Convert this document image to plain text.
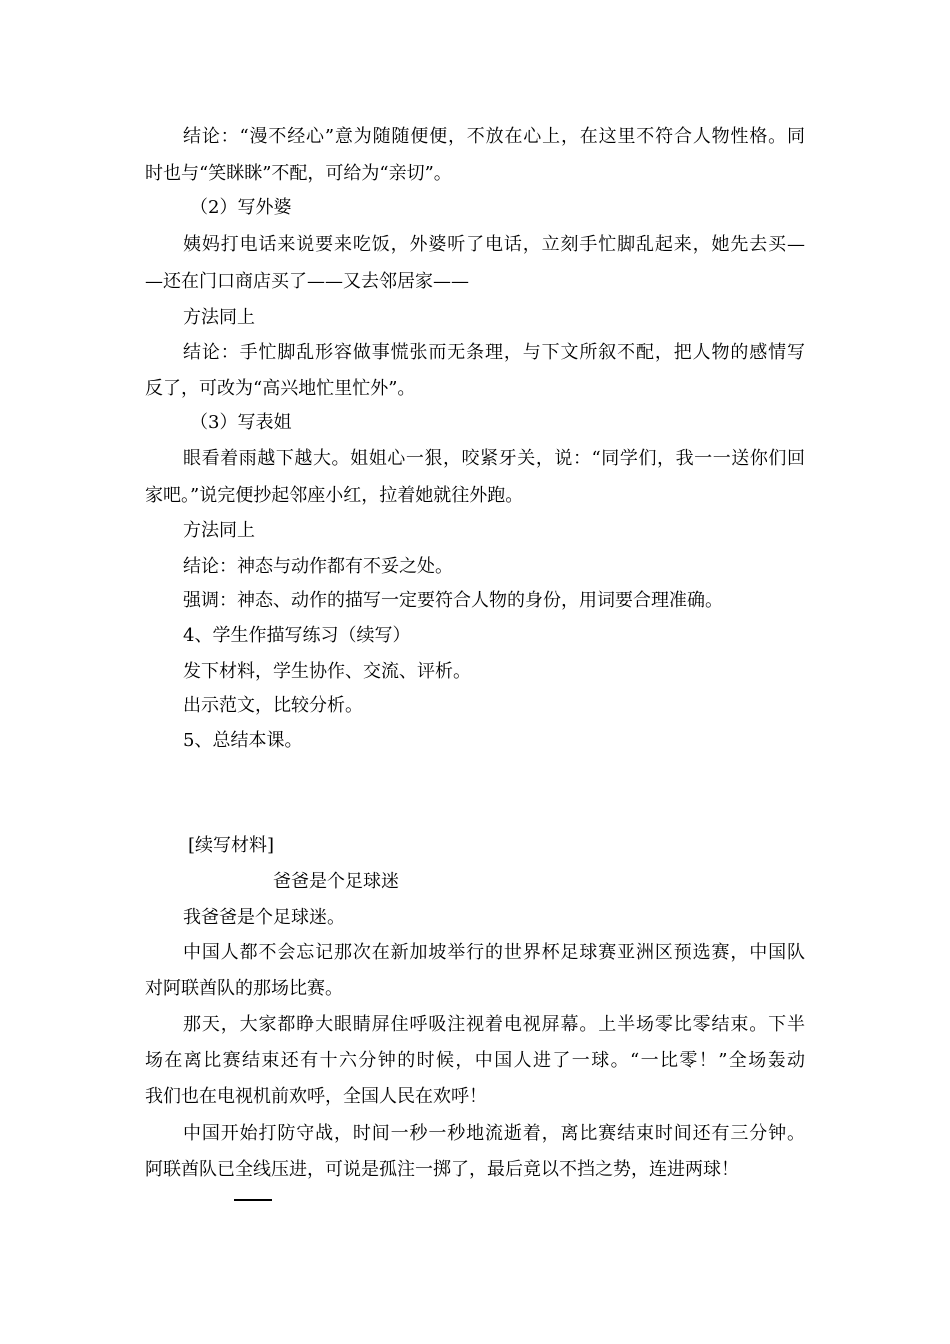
结论：“漫不经心”意为随随便便，不放在心上，在这里不符合人物性格。同
时也与“笑眯眯”不配，可给为“亲切”。
（2）写外婆
姨妈打电话来说要来吃饭，外婆听了电话，立刻手忙脚乱起来，她先去买—
—还在门口商店买了——又去邻居家——
方法同上
结论：手忙脚乱形容做事慌张而无条理，与下文所叙不配，把人物的感情写
反了，可改为“高兴地忙里忙外”。
（3）写表姐
眼看着雨越下越大。姐姐心一狠，咬紧牙关，说：“同学们，我一一送你们回
家吧。”说完便抄起邻座小红，拉着她就往外跑。
方法同上
结论：神态与动作都有不妥之处。
强调：神态、动作的描写一定要符合人物的身份，用词要合理准确。
4、学生作描写练习（续写）
发下材料，学生协作、交流、评析。
出示范文，比较分析。
5、总结本课。
[续写材料]
爸爸是个足球迷
我爸爸是个足球迷。
中国人都不会忘记那次在新加坡举行的世界杯足球赛亚洲区预选赛，中国队
对阿联酋队的那场比赛。
那天，大家都睁大眼睛屏住呼吸注视着电视屏幕。上半场零比零结束。下半
场在离比赛结束还有十六分钟的时候，中国人进了一球。“一比零！”全场轰动
我们也在电视机前欢呼，全国人民在欢呼！
中国开始打防守战，时间一秒一秒地流逝着，离比赛结束时间还有三分钟。
阿联酋队已全线压进，可说是孤注一掷了，最后竟以不挡之势，连进两球！
